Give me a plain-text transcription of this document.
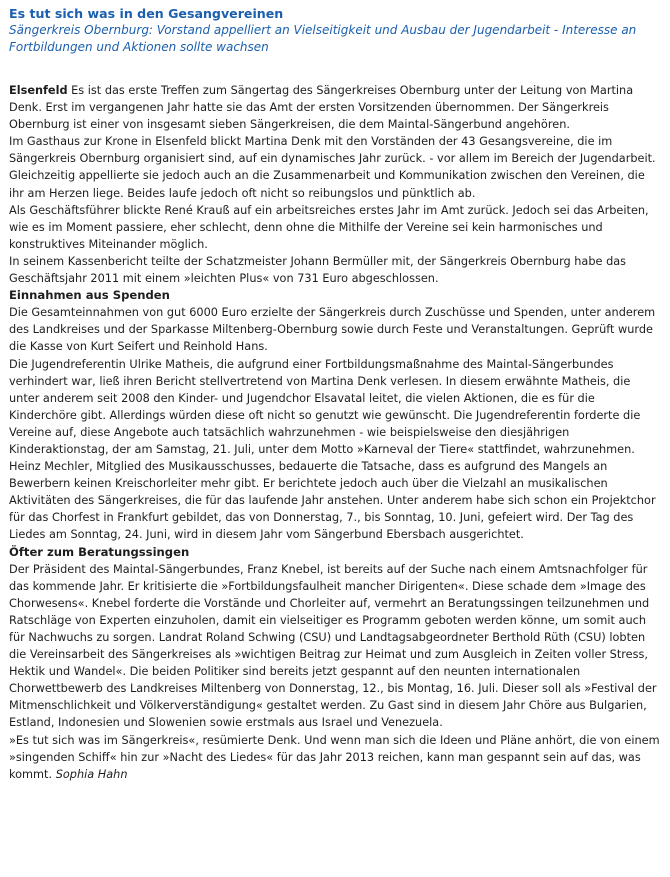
Es tut sich was in den Gesangvereinen
Sängerkreis Obernburg: Vorstand appelliert an Vielseitigkeit und Ausbau der Jugendarbeit - Interesse an Fortbildungen und Aktionen sollte wachsen

Elsenfeld Es ist das erste Treffen zum Sängertag des Sängerkreises Obernburg unter der Leitung von Martina Denk. Erst im vergangenen Jahr hatte sie das Amt der ersten Vorsitzenden übernommen. Der Sängerkreis Obernburg ist einer von insgesamt sieben Sängerkreisen, die dem Maintal-Sängerbund angehören.

Im Gasthaus zur Krone in Elsenfeld blickt Martina Denk mit den Vorständen der 43 Gesangsvereine, die im Sängerkreis Obernburg organisiert sind, auf ein dynamisches Jahr zurück. - vor allem im Bereich der Jugendarbeit. Gleichzeitig appellierte sie jedoch auch an die Zusammenarbeit und Kommunikation zwischen den Vereinen, die ihr am Herzen liege. Beides laufe jedoch oft nicht so reibungslos und pünktlich ab.

Als Geschäftsführer blickte René Krauß auf ein arbeitsreiches erstes Jahr im Amt zurück. Jedoch sei das Arbeiten, wie es im Moment passiere, eher schlecht, denn ohne die Mithilfe der Vereine sei kein harmonisches und konstruktives Miteinander möglich.

In seinem Kassenbericht teilte der Schatzmeister Johann Bermüller mit, der Sängerkreis Obernburg habe das Geschäftsjahr 2011 mit einem »leichten Plus« von 731 Euro abgeschlossen.

Einnahmen aus Spenden

Die Gesamteinnahmen von gut 6000 Euro erzielte der Sängerkreis durch Zuschüsse und Spenden, unter anderem des Landkreises und der Sparkasse Miltenberg-Obernburg sowie durch Feste und Veranstaltungen. Geprüft wurde die Kasse von Kurt Seifert und Reinhold Hans.

Die Jugendreferentin Ulrike Matheis, die aufgrund einer Fortbildungsmaßnahme des Maintal-Sängerbundes verhindert war, ließ ihren Bericht stellvertretend von Martina Denk verlesen. In diesem erwähnte Matheis, die unter anderem seit 2008 den Kinder- und Jugendchor Elsavatal leitet, die vielen Aktionen, die es für die Kinderchöre gibt. Allerdings würden diese oft nicht so genutzt wie gewünscht. Die Jugendreferentin forderte die Vereine auf, diese Angebote auch tatsächlich wahrzunehmen - wie beispielsweise den diesjährigen Kinderaktionstag, der am Samstag, 21. Juli, unter dem Motto »Karneval der Tiere« stattfindet, wahrzunehmen.

Heinz Mechler, Mitglied des Musikausschusses, bedauerte die Tatsache, dass es aufgrund des Mangels an Bewerbern keinen Kreischorleiter mehr gibt. Er berichtete jedoch auch über die Vielzahl an musikalischen Aktivitäten des Sängerkreises, die für das laufende Jahr anstehen. Unter anderem habe sich schon ein Projektchor für das Chorfest in Frankfurt gebildet, das von Donnerstag, 7., bis Sonntag, 10. Juni, gefeiert wird. Der Tag des Liedes am Sonntag, 24. Juni, wird in diesem Jahr vom Sängerbund Ebersbach ausgerichtet.

Öfter zum Beratungssingen

Der Präsident des Maintal-Sängerbundes, Franz Knebel, ist bereits auf der Suche nach einem Amtsnachfolger für das kommende Jahr. Er kritisierte die »Fortbildungsfaulheit mancher Dirigenten«. Diese schade dem »Image des Chorwesens«. Knebel forderte die Vorstände und Chorleiter auf, vermehrt an Beratungssingen teilzunehmen und Ratschläge von Experten einzuholen, damit ein vielseitiger es Programm geboten werden könne, um somit auch für Nachwuchs zu sorgen. Landrat Roland Schwing (CSU) und Landtagsabgeordneter Berthold Rüth (CSU) lobten die Vereinsarbeit des Sängerkreises als »wichtigen Beitrag zur Heimat und zum Ausgleich in Zeiten voller Stress, Hektik und Wandel«. Die beiden Politiker sind bereits jetzt gespannt auf den neunten internationalen Chorwettbewerb des Landkreises Miltenberg von Donnerstag, 12., bis Montag, 16. Juli. Dieser soll als »Festival der Mitmenschlichkeit und Völkerverständigung« gestaltet werden. Zu Gast sind in diesem Jahr Chöre aus Bulgarien, Estland, Indonesien und Slowenien sowie erstmals aus Israel und Venezuela.

»Es tut sich was im Sängerkreis«, resümierte Denk. Und wenn man sich die Ideen und Pläne anhört, die von einem »singenden Schiff« hin zur »Nacht des Liedes« für das Jahr 2013 reichen, kann man gespannt sein auf das, was kommt. Sophia Hahn
